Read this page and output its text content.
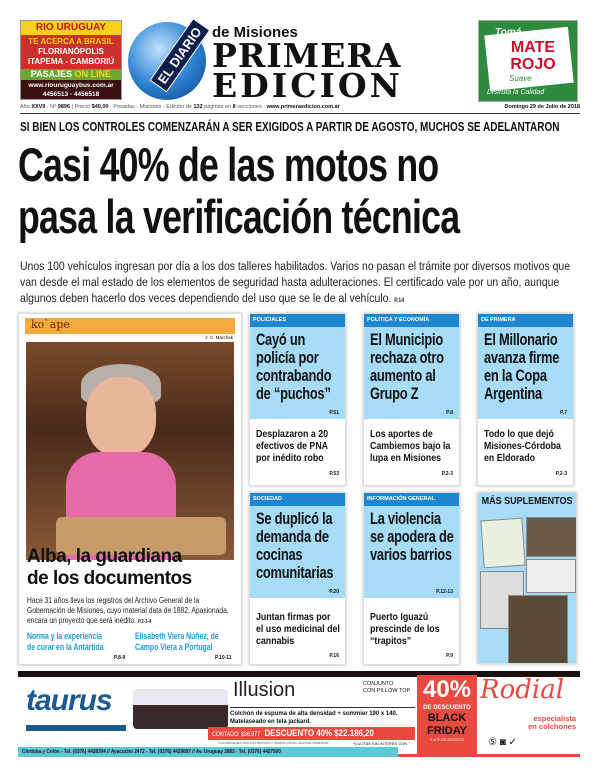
RIO URUGUAY
TE ACERCA A BRASIL
FLORIANÓPOLIS
ITAPEMA - CAMBORIÚ
PASAJES ON LINE
www.riouruguaybus.com.ar
4456513 - 4456518
EL DIARIO de Misiones
PRIMERA
EDICION
Tomá
MATE ROJO
Suave
Disfrutá la Calidad
Año XXVII · Nº 9896 | Precio $40,00 · Posadas - Misiones - Edición de 132 páginas en 8 secciones - www.primeraedicion.com.ar	Domingo 29 de Julio de 2018
SI BIEN LOS CONTROLES COMENZARÁN A SER EXIGIDOS A PARTIR DE AGOSTO, MUCHOS SE ADELANTARON
Casi 40% de las motos no
pasa la verificación técnica
Unos 100 vehículos ingresan por día a los dos talleres habilitados. Varios no pasan el trámite por diversos motivos que van desde el mal estado de los elementos de seguridad hasta adulteraciones. El certificado vale por un año, aunque algunos deben hacerlo dos veces dependiendo del uso que se le de al vehículo. P.14
ko`ape
J. C. Marchak
Alba, la guardiana
de los documentos
Hace 31 años lleva los registros del Archivo General de la Gobernación de Misiones, cuyo material data de 1882. Apasionada, encara un proyecto que será inédito. P.2-3-4
Norma y la experiencia
de curar en la Antártida
P.8-9
Elisabeth Viera Núñez, de
Campo Viera a Portugal
P.10-11
POLICIALES
Cayó un policía por contrabando de “puchos”
P.51
Desplazaron a 20 efectivos de PNA por inédito robo
P.53
POLÍTICA Y ECONOMÍA
El Municipio rechaza otro aumento al Grupo Z
P.8
Los aportes de Cambiemos bajo la lupa en Misiones
P.2-3
DE PRIMERA
El Millonario avanza firme en la Copa Argentina
P.7
Todo lo que dejó Misiones-Córdoba en Eldorado
P.2-3
SOCIEDAD
Se duplicó la demanda de cocinas comunitarias
P.20
Juntan firmas por el uso medicinal del cannabis
P.16
INFORMACIÓN GENERAL
La violencia se apodera de varios barrios
P.12-13
Puerto Iguazú prescinde de los “trapitos”
P.9
MÁS SUPLEMENTOS
taurus	Illusion	CONJUNTO
CON PILLOW TOP
Colchón de espuma de alta densidad + sommier 190 x 140.
Matelaseado en tela jackard.
CONTADO: $36.977 DESCUENTO 40% $22.186,20
*LAS IMÁGENES SON ILUSTRATIVAS // OFERTA VÁLIDA HASTA EL 05/08/2018*	*CUOTAS SIN INTERÉS CON
Córdoba y Colón - Tel. (0376) 4428304 // Ayacucho 2472 - Tel. (0376) 4429897 // Av. Uruguay 2883 - Tel. (0376) 4427500
40%
DE DESCUENTO
BLACK
FRIDAY
2 al 5 DE AGOSTO
Rodial
especialista
en colchones
⑤ ◙ ✓
